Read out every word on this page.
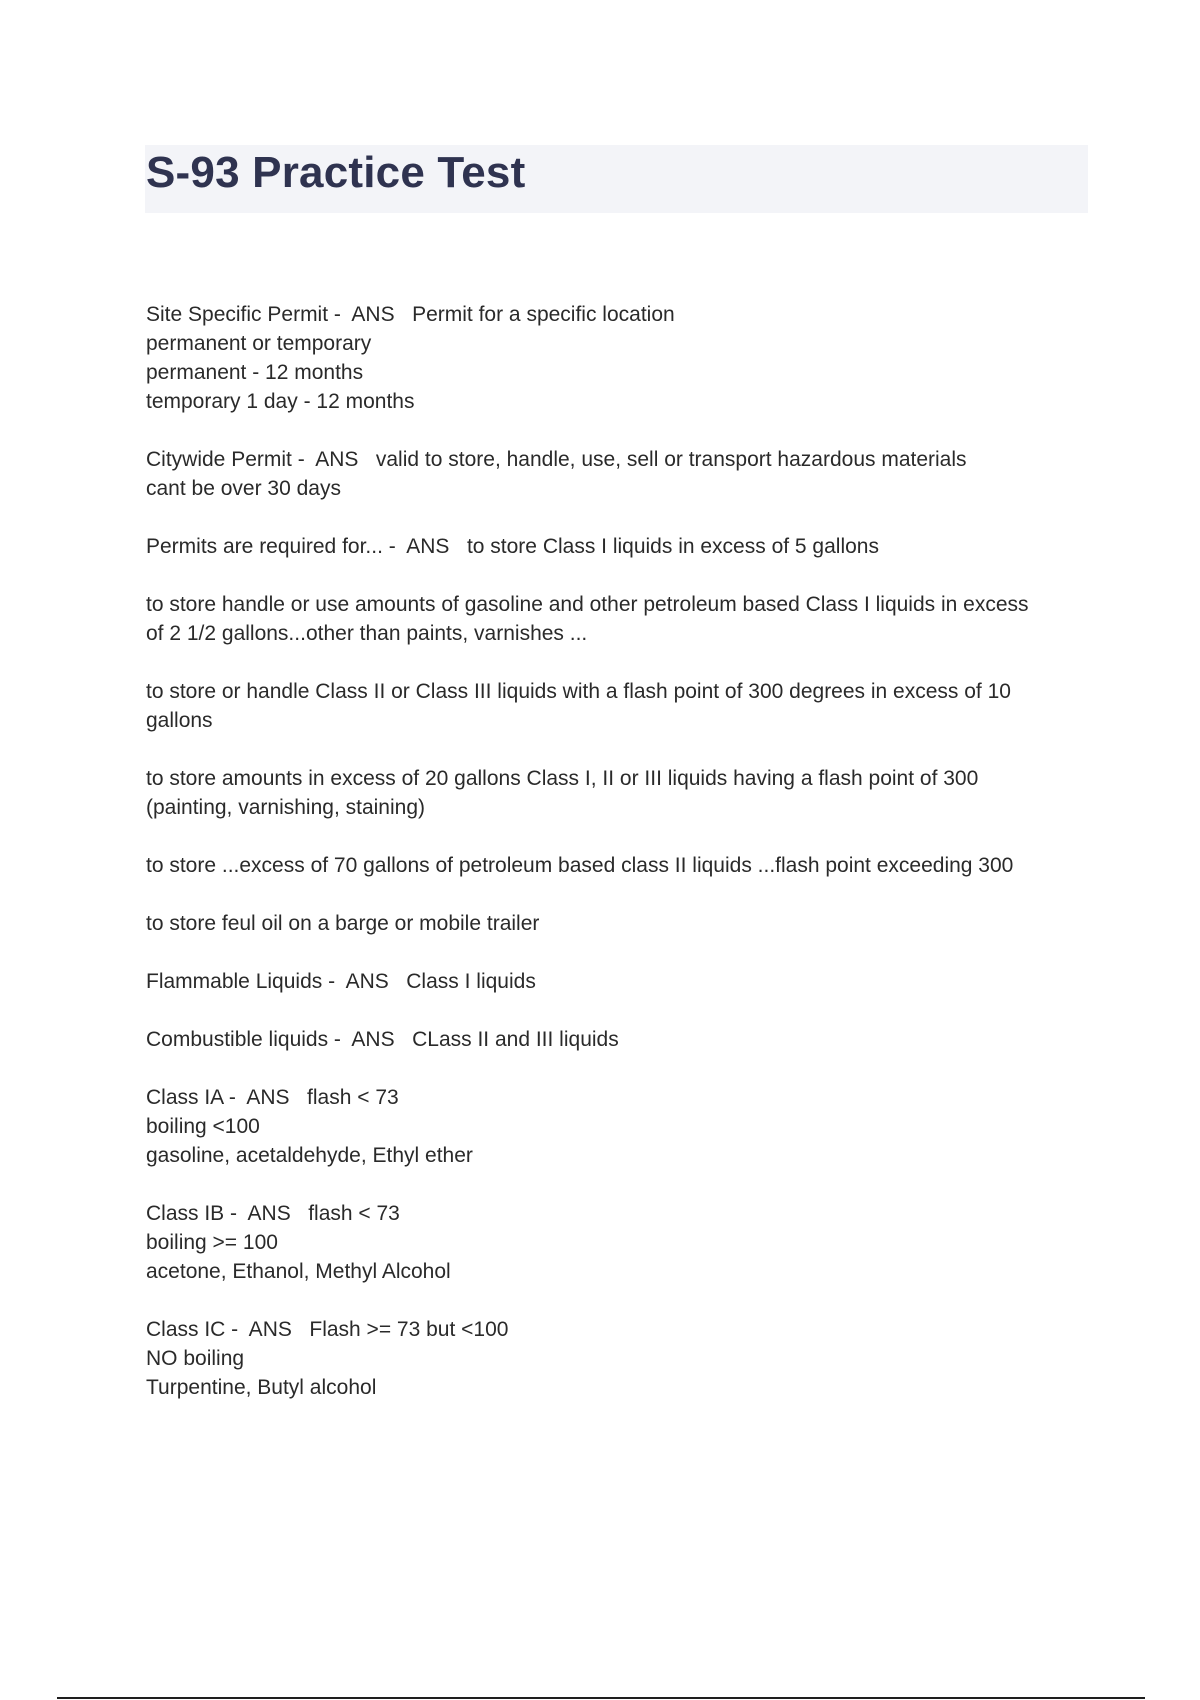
S-93 Practice Test
Site Specific Permit -  ANS   Permit for a specific location
permanent or temporary
permanent - 12 months
temporary 1 day - 12 months
Citywide Permit -  ANS   valid to store, handle, use, sell or transport hazardous materials
cant be over 30 days
Permits are required for... -  ANS   to store Class I liquids in excess of 5 gallons
to store handle or use amounts of gasoline and other petroleum based Class I liquids in excess
of 2 1/2 gallons...other than paints, varnishes ...
to store or handle Class II or Class III liquids with a flash point of 300 degrees in excess of 10
gallons
to store amounts in excess of 20 gallons Class I, II or III liquids having a flash point of 300
(painting, varnishing, staining)
to store ...excess of 70 gallons of petroleum based class II liquids ...flash point exceeding 300
to store feul oil on a barge or mobile trailer
Flammable Liquids -  ANS   Class I liquids
Combustible liquids -  ANS   CLass II and III liquids
Class IA -  ANS   flash < 73
boiling <100
gasoline, acetaldehyde, Ethyl ether
Class IB -  ANS   flash < 73
boiling >= 100
acetone, Ethanol, Methyl Alcohol
Class IC -  ANS   Flash >= 73 but <100
NO boiling
Turpentine, Butyl alcohol
